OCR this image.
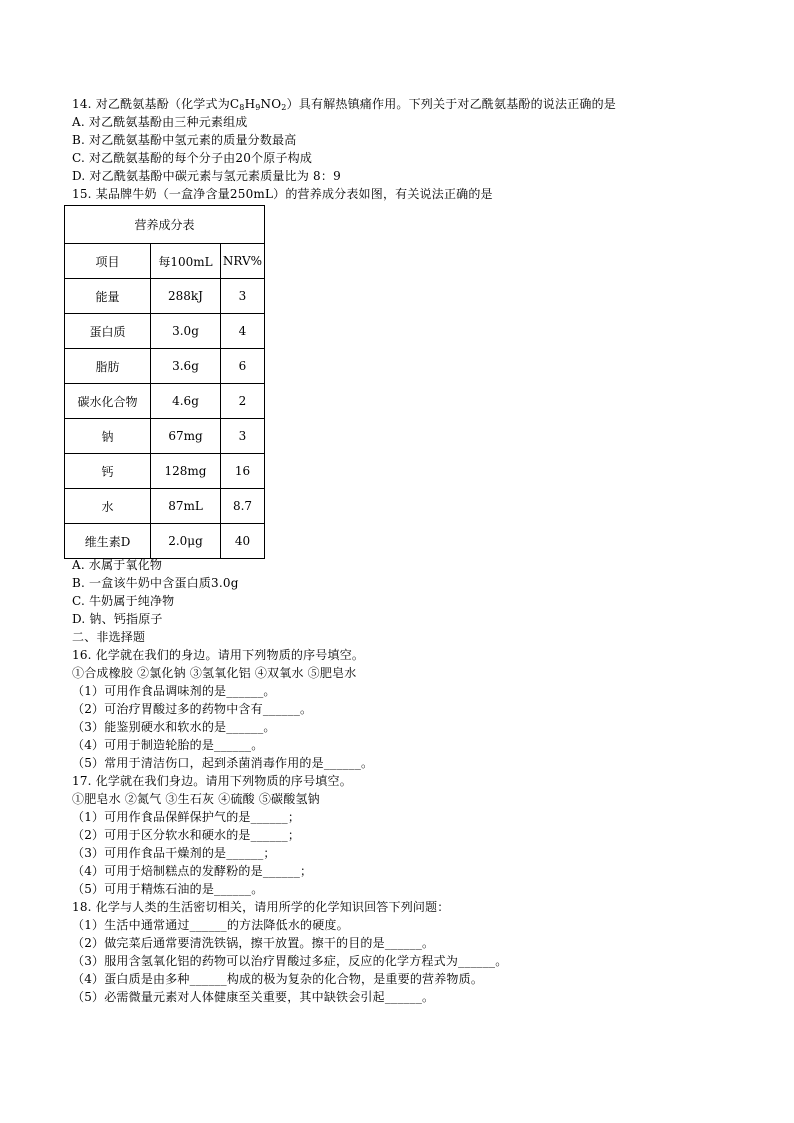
14. 对乙酰氨基酚（化学式为$C_8H_9NO_2$）具有解热镇痛作用。下列关于对乙酰氨基酚的说法正确的是
A. 对乙酰氨基酚由三种元素组成
B. 对乙酰氨基酚中氢元素的质量分数最高
C. 对乙酰氨基酚的每个分子由20个原子构成
D. 对乙酰氨基酚中碳元素与氢元素质量比为 8：9
15. 某品牌牛奶（一盒净含量250mL）的营养成分表如图，有关说法正确的是
营养成分表		
项目	每100mL	NRV%
能量	288kJ	3
蛋白质	3.0g	4
脂肪	3.6g	6
碳水化合物	4.6g	2
钠	67mg	3
钙	128mg	16
水	87mL	8.7
维生素D	2.0μg	40
A. 水属于氧化物
B. 一盒该牛奶中含蛋白质3.0g
C. 牛奶属于纯净物
D. 钠、钙指原子
二、非选择题
16. 化学就在我们的身边。请用下列物质的序号填空。
①合成橡胶 ②氯化钠 ③氢氧化铝 ④双氧水 ⑤肥皂水
（1）可用作食品调味剂的是______。
（2）可治疗胃酸过多的药物中含有______。
（3）能鉴别硬水和软水的是______。
（4）可用于制造轮胎的是______。
（5）常用于清洁伤口，起到杀菌消毒作用的是______。
17. 化学就在我们身边。请用下列物质的序号填空。
①肥皂水 ②氮气 ③生石灰 ④硫酸 ⑤碳酸氢钠
（1）可用作食品保鲜保护气的是______；
（2）可用于区分软水和硬水的是______；
（3）可用作食品干燥剂的是______；
（4）可用于焙制糕点的发酵粉的是______；
（5）可用于精炼石油的是______。
18. 化学与人类的生活密切相关，请用所学的化学知识回答下列问题：
（1）生活中通常通过______的方法降低水的硬度。
（2）做完菜后通常要清洗铁锅，擦干放置。擦干的目的是______。
（3）服用含氢氧化铝的药物可以治疗胃酸过多症，反应的化学方程式为______。
（4）蛋白质是由多种______构成的极为复杂的化合物，是重要的营养物质。
（5）必需微量元素对人体健康至关重要，其中缺铁会引起______。
